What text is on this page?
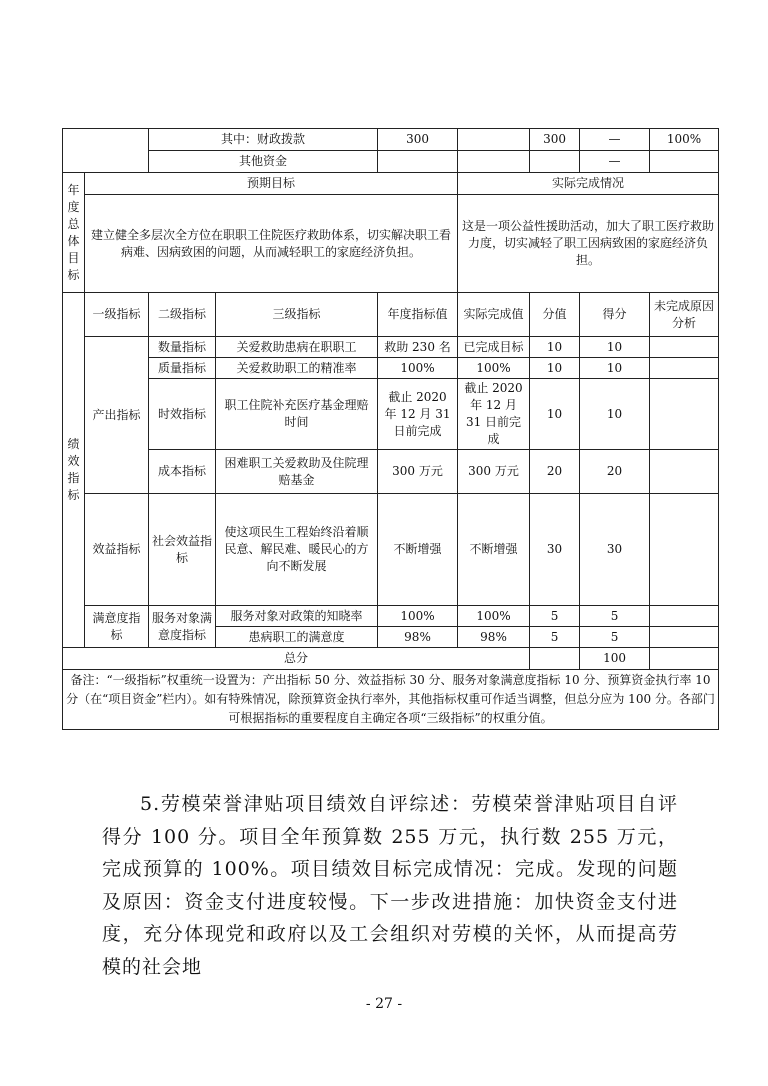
		其中：财政拨款		300		300	—	100%	
		其他资金					—		
年度总体目标	预期目标				实际完成情况				
	建立健全多层次全方位在职职工住院医疗救助体系，切实解决职工看病难、因病致困的问题，从而减轻职工的家庭经济负担。				这是一项公益性援助活动，加大了职工医疗救助力度，切实减轻了职工因病致困的家庭经济负担。				
绩效指标	一级指标	二级指标	三级指标	年度指标值	实际完成值	分值	得分	未完成原因分析	
	产出指标	数量指标	关爱救助患病在职职工	救助 230 名	已完成目标	10	10		
		质量指标	关爱救助职工的精准率	100%	100%	10	10		
		时效指标	职工住院补充医疗基金理赔时间	截止 2020 年 12 月 31 日前完成	截止 2020 年 12 月 31 日前完成	10	10		
		成本指标	困难职工关爱救助及住院理赔基金	300 万元	300 万元	20	20		
	效益指标	社会效益指标	使这项民生工程始终沿着顺民意、解民难、暖民心的方向不断发展	不断增强	不断增强	30	30		
	满意度指标	服务对象满意度指标	服务对象对政策的知晓率	100%	100%	5	5		
			患病职工的满意度	98%	98%	5	5		
总分							100		
备注：“一级指标”权重统一设置为：产出指标 50 分、效益指标 30 分、服务对象满意度指标 10 分、预算资金执行率 10 分（在“项目资金”栏内）。如有特殊情况，除预算资金执行率外，其他指标权重可作适当调整，但总分应为 100 分。各部门可根据指标的重要程度自主确定各项“三级指标”的权重分值。									

5.劳模荣誉津贴项目绩效自评综述：劳模荣誉津贴项目自评得分 100 分。项目全年预算数 255 万元，执行数 255 万元，完成预算的 100%。项目绩效目标完成情况：完成。发现的问题及原因：资金支付进度较慢。下一步改进措施：加快资金支付进度，充分体现党和政府以及工会组织对劳模的关怀，从而提高劳模的社会地

- 27 -
